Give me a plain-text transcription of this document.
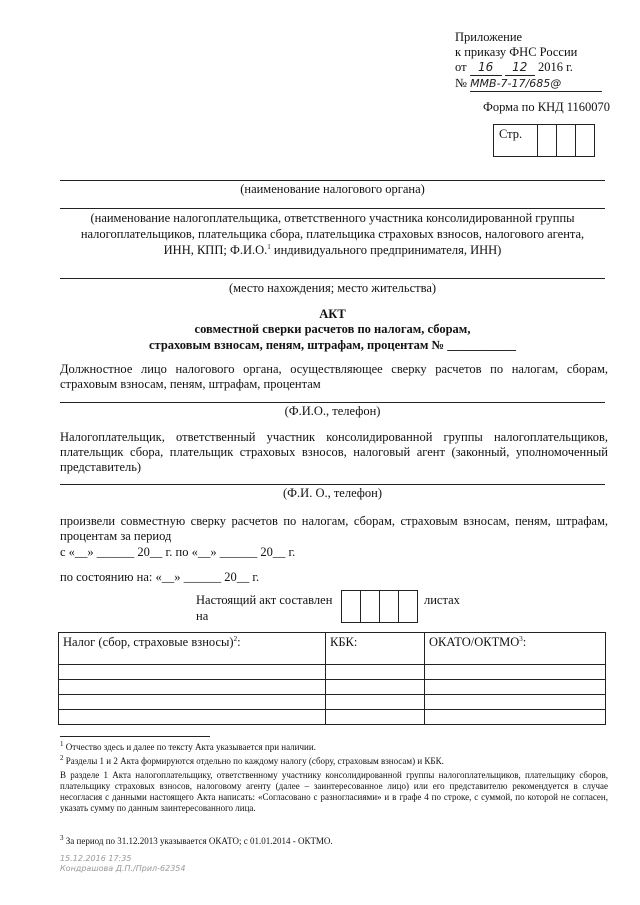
Приложение
к приказу ФНС России
от 16 12 2016 г.
№ ММВ-7-17/685@
Форма по КНД 1160070
Стр.			
(наименование налогового органа)
(наименование налогоплательщика, ответственного участника консолидированной группы
налогоплательщиков, плательщика сбора, плательщика страховых взносов, налогового агента,
ИНН, КПП; Ф.И.О.$^1$ индивидуального предпринимателя, ИНН)
(место нахождения; место жительства)
АКТ
совместной сверки расчетов по налогам, сборам,
страховым взносам, пеням, штрафам, процентам № ___________
Должностное лицо налогового органа, осуществляющее сверку расчетов по налогам, сборам,
страховым взносам, пеням, штрафам, процентам
(Ф.И.О., телефон)
Налогоплательщик, ответственный участник консолидированной группы налогоплательщиков,
плательщик сбора, плательщик страховых взносов, налоговый агент (законный, уполномоченный
представитель)
(Ф.И. О., телефон)
произвели совместную сверку расчетов по налогам, сборам, страховым взносам, пеням, штрафам,
процентам за период
с «__» ______ 20__ г. по «__» ______ 20__ г.
по состоянию на: «__» ______ 20__ г.
Настоящий акт составлен
на

листах
Налог (сбор, страховые взносы)$^2$:	КБК:	ОКАТО/ОКТМО$^3$:

$^1$ Отчество здесь и далее по тексту Акта указывается при наличии.
$^2$ Разделы 1 и 2 Акта формируются отдельно по каждому налогу (сбору, страховым взносам) и КБК.
В разделе 1 Акта налогоплательщику, ответственному участнику консолидированной группы налогоплательщиков, плательщику сборов, плательщику страховых взносов, налоговому агенту (далее – заинтересованное лицо) или его представителю рекомендуется в случае несогласия с данными настоящего Акта написать: «Согласовано с разногласиями» и в графе 4 по строке, с суммой, по которой не согласен, указать сумму по данным заинтересованного лица.
$^3$ За период по 31.12.2013 указывается ОКАТО; с 01.01.2014 - ОКТМО.
15.12.2016 17:35
Кондрашова Д.П./Прил-62354
